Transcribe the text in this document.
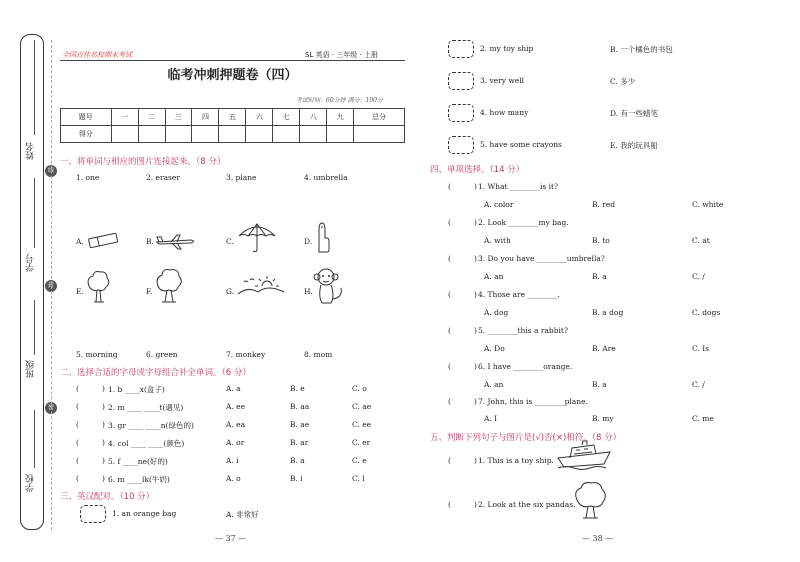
姓名
学号
班级
学校
线
封
密
全国百佳名校期末考试	SL 英语 · 三年级 · 上册
临考冲刺押题卷（四）
考试时间：60分钟 满分：100分
题号	一	二	三	四	五	六	七	八	九	总分
得分										
一、将单词与相应的图片连接起来。（8 分）
1. one	2. eraser	3. plane	4. umbrella
A.	B.	C.	D.
E.	F.	G.	H.
5. morning	6. green	7. monkey	8. mom
二、选择合适的字母或字母组合补全单词。（6 分）
(	) 1. b ____x(盒子)	A. a	B. e	C. o
(	) 2. m ____ ____t(遇见)	A. ee	B. aa	C. ae
(	) 3. gr ____ ____n(绿色的)	A. ea	B. ae	C. ee
(	) 4. col ____ ____(颜色)	A. or	B. ar	C. er
(	) 5. f ____ne(好的)	A. i	B. a	C. e
(	) 6. m ____lk(牛奶)	A. o	B. i	C. l
三、英汉配对。（10 分）
1. an orange bag	A. 非常好
— 37 —
2. my toy ship	B. 一个橘色的书包
3. very well	C. 多少
4. how many	D. 有一些蜡笔
5. have some crayons	E. 我的玩具船
四、单项选择。（14 分）
(	) 1. What ________is it?
A. color	B. red	C. white
(	) 2. Look ________my bag.
A. with	B. to	C. at
(	) 3. Do you have ________umbrella?
A. an	B. a	C. /
(	) 4. Those are ________.
A. dog	B. a dog	C. dogs
(	) 5. ________this a rabbit?
A. Do	B. Are	C. Is
(	) 6. I have ________orange.
A. an	B. a	C. /
(	) 7. John, this is ________plane.
A. I	B. my	C. me
五、判断下列句子与图片是(√)否(×)相符。（8 分）
(	) 1. This is a toy ship.
(	) 2. Look at the six pandas.
— 38 —
